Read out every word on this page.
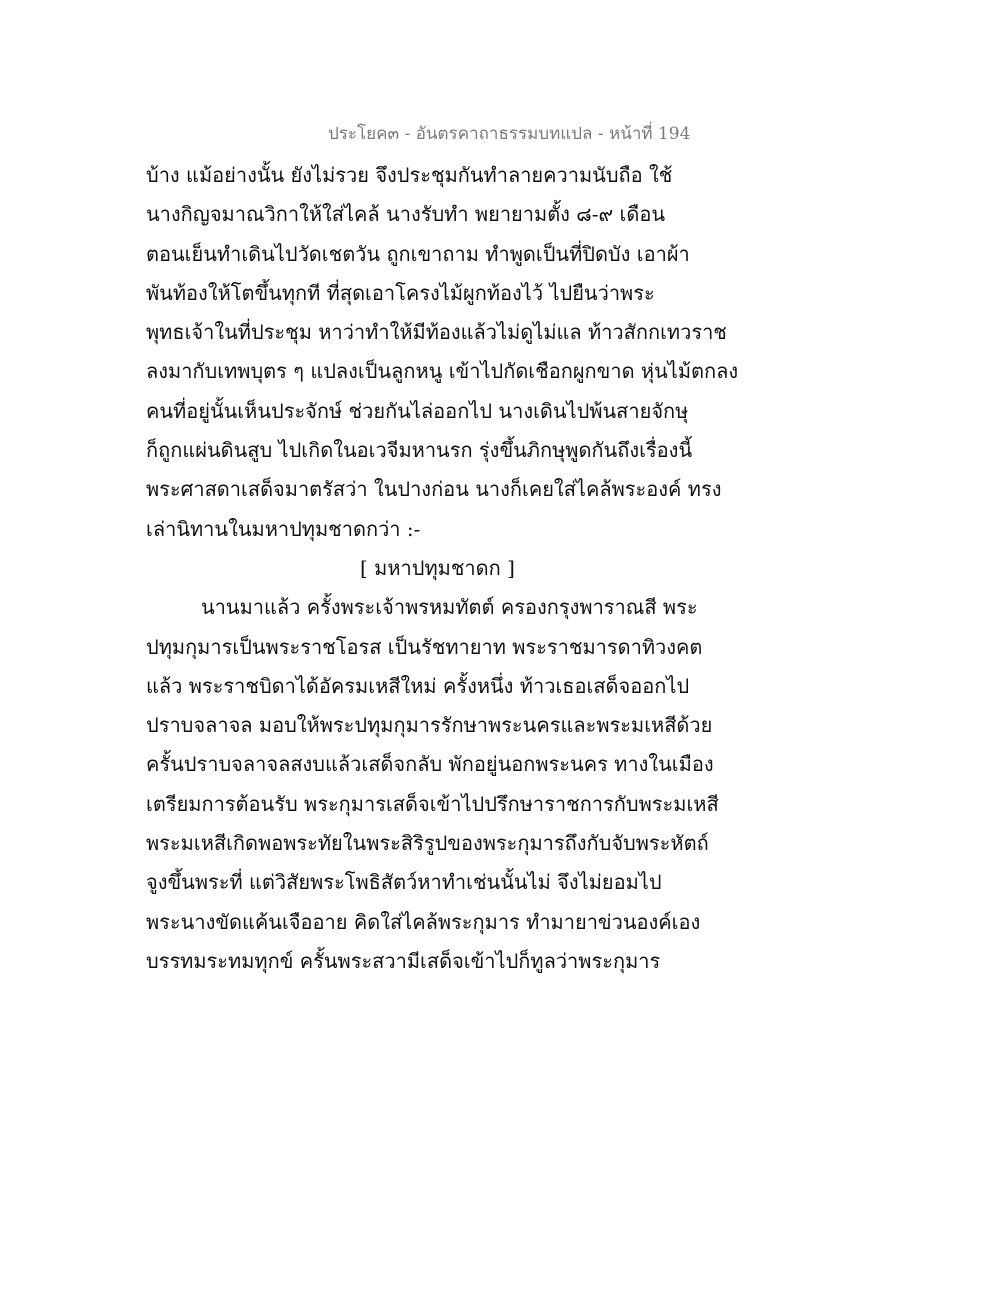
ประโยค๓ - อันตรคาถาธรรมบทแปล - หน้าที่ 194
บ้าง แม้อย่างนั้น ยังไม่รวย จึงประชุมกันทำลายความนับถือ ใช้
นางกิญจมาณวิกาให้ใส่ไคล้ นางรับทำ พยายามตั้ง ๘-๙ เดือน
ตอนเย็นทำเดินไปวัดเชตวัน ถูกเขาถาม ทำพูดเป็นที่ปิดบัง เอาผ้า
พันท้องให้โตขึ้นทุกที ที่สุดเอาโครงไม้ผูกท้องไว้ ไปยืนว่าพระ
พุทธเจ้าในที่ประชุม หาว่าทำให้มีท้องแล้วไม่ดูไม่แล ท้าวสักกเทวราช
ลงมากับเทพบุตร ๆ แปลงเป็นลูกหนู เข้าไปกัดเชือกผูกขาด หุ่นไม้ตกลง
คนที่อยู่นั้นเห็นประจักษ์ ช่วยกันไล่ออกไป นางเดินไปพ้นสายจักษุ
ก็ถูกแผ่นดินสูบ ไปเกิดในอเวจีมหานรก รุ่งขึ้นภิกษุพูดกันถึงเรื่องนี้
พระศาสดาเสด็จมาตรัสว่า ในปางก่อน นางก็เคยใส่ไคล้พระองค์ ทรง
เล่านิทานในมหาปทุมชาดกว่า :-
[ มหาปทุมชาดก ]
นานมาแล้ว ครั้งพระเจ้าพรหมทัตต์ ครองกรุงพาราณสี พระ
ปทุมกุมารเป็นพระราชโอรส เป็นรัชทายาท พระราชมารดาทิวงคต
แล้ว พระราชบิดาได้อัครมเหสีใหม่ ครั้งหนึ่ง ท้าวเธอเสด็จออกไป
ปราบจลาจล มอบให้พระปทุมกุมารรักษาพระนครและพระมเหสีด้วย
ครั้นปราบจลาจลสงบแล้วเสด็จกลับ พักอยู่นอกพระนคร ทางในเมือง
เตรียมการต้อนรับ พระกุมารเสด็จเข้าไปปรึกษาราชการกับพระมเหสี
พระมเหสีเกิดพอพระทัยในพระสิริรูปของพระกุมารถึงกับจับพระหัตถ์
จูงขึ้นพระที่ แต่วิสัยพระโพธิสัตว์หาทำเช่นนั้นไม่ จึงไม่ยอมไป
พระนางขัดแค้นเจืออาย คิดใส่ไคล้พระกุมาร ทำมายาข่วนองค์เอง
บรรทมระทมทุกข์ ครั้นพระสวามีเสด็จเข้าไปก็ทูลว่าพระกุมาร
